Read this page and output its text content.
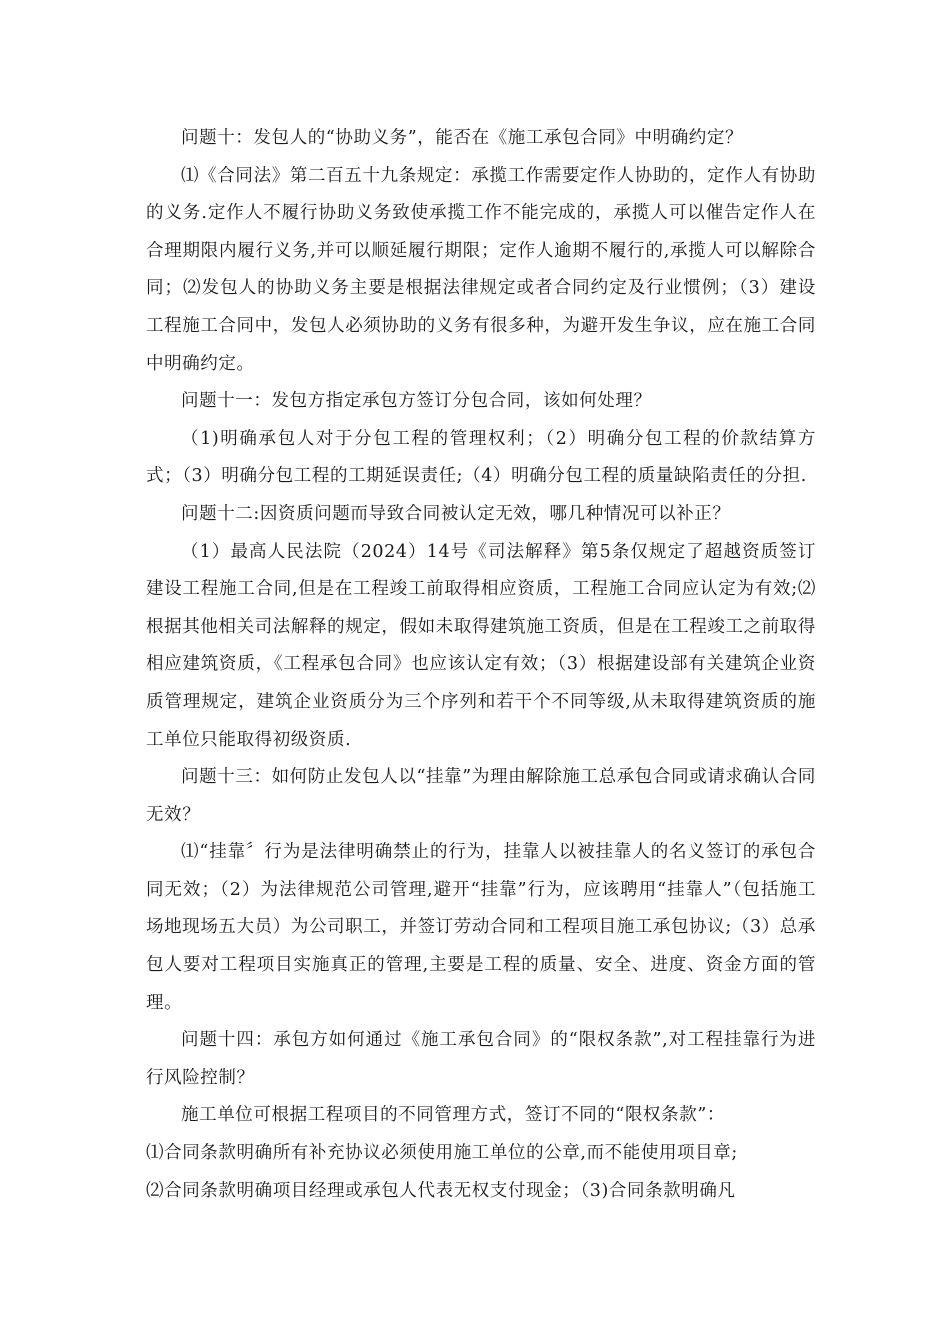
问题十：发包人的“协助义务”，能否在《施工承包合同》中明确约定？

⑴《合同法》第二百五十九条规定：承揽工作需要定作人协助的，定作人有协助的义务.定作人不履行协助义务致使承揽工作不能完成的，承揽人可以催告定作人在合理期限内履行义务,并可以顺延履行期限；定作人逾期不履行的,承揽人可以解除合同；⑵发包人的协助义务主要是根据法律规定或者合同约定及行业惯例；（3）建设工程施工合同中，发包人必须协助的义务有很多种，为避开发生争议，应在施工合同中明确约定。

问题十一：发包方指定承包方签订分包合同，该如何处理？

（1)明确承包人对于分包工程的管理权利；（2）明确分包工程的价款结算方式；（3）明确分包工程的工期延误责任;（4）明确分包工程的质量缺陷责任的分担.

问题十二:因资质问题而导致合同被认定无效，哪几种情况可以补正？

（1）最高人民法院（2024）14号《司法解释》第5条仅规定了超越资质签订建设工程施工合同,但是在工程竣工前取得相应资质，工程施工合同应认定为有效;⑵根据其他相关司法解释的规定，假如未取得建筑施工资质，但是在工程竣工之前取得相应建筑资质，《工程承包合同》也应该认定有效；（3）根据建设部有关建筑企业资质管理规定，建筑企业资质分为三个序列和若干个不同等级,从未取得建筑资质的施工单位只能取得初级资质.

问题十三：如何防止发包人以“挂靠”为理由解除施工总承包合同或请求确认合同无效？

⑴“挂靠〞行为是法律明确禁止的行为，挂靠人以被挂靠人的名义签订的承包合同无效；（2）为法律规范公司管理,避开“挂靠”行为，应该聘用“挂靠人”（包括施工场地现场五大员）为公司职工，并签订劳动合同和工程项目施工承包协议;（3）总承包人要对工程项目实施真正的管理,主要是工程的质量、安全、进度、资金方面的管理。

问题十四：承包方如何通过《施工承包合同》的“限权条款”,对工程挂靠行为进行风险控制？

施工单位可根据工程项目的不同管理方式，签订不同的“限权条款”：

⑴合同条款明确所有补充协议必须使用施工单位的公章,而不能使用项目章;

⑵合同条款明确项目经理或承包人代表无权支付现金；（3)合同条款明确凡
